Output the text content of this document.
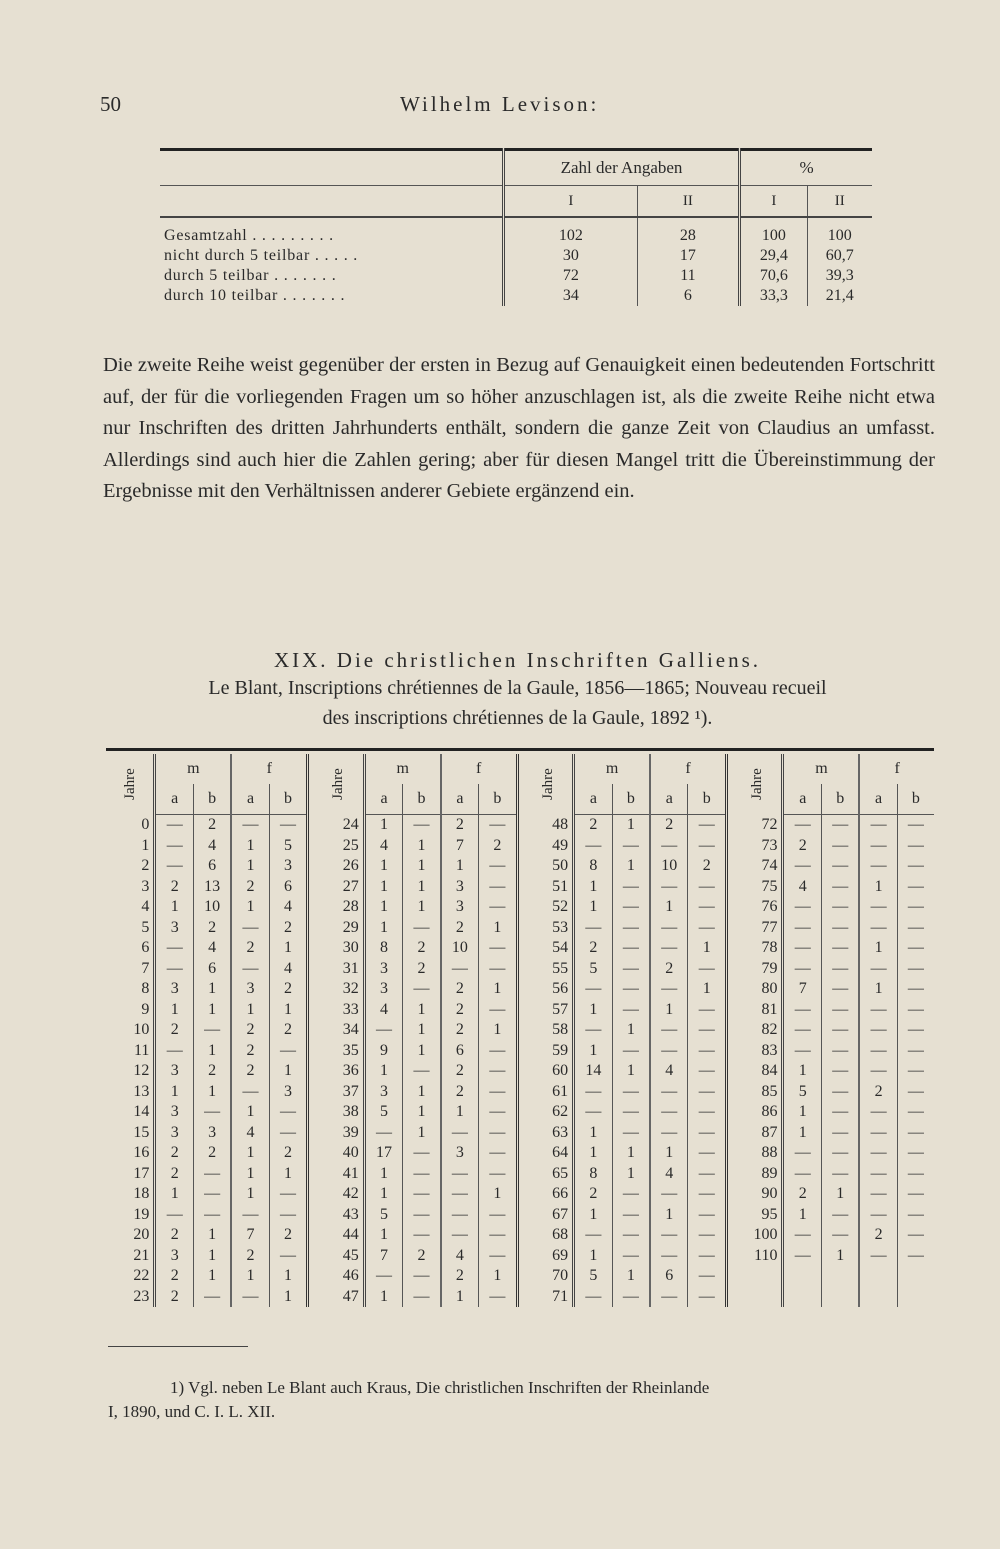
50	Wilhelm Levison:
	Zahl der Angaben		%	
	I	II	I	II
Gesamtzahl . . . . . . . . .	102	28	100	100
nicht durch 5 teilbar . . . . .	30	17	29,4	60,7
durch 5 teilbar . . . . . . .	72	11	70,6	39,3
durch 10 teilbar . . . . . . .	34	6	33,3	21,4
Die zweite Reihe weist gegenüber der ersten in Bezug auf Genauigkeit einen bedeutenden Fortschritt auf, der für die vorliegenden Fragen um so höher anzuschlagen ist, als die zweite Reihe nicht etwa nur Inschriften des dritten Jahrhunderts enthält, sondern die ganze Zeit von Claudius an umfasst. Allerdings sind auch hier die Zahlen gering; aber für diesen Mangel tritt die Übereinstimmung der Ergebnisse mit den Verhältnissen anderer Gebiete ergänzend ein.
XIX. Die christlichen Inschriften Galliens.
Le Blant, Inscriptions chrétiennes de la Gaule, 1856—1865; Nouveau recueil
des inscriptions chrétiennes de la Gaule, 1892 ¹).
Jahre	m		f		Jahre	m		f		Jahre	m		f		Jahre	m		f	
	a	b	a	b		a	b	a	b		a	b	a	b		a	b	a	b
0	—	2	—	—	24	1	—	2	—	48	2	1	2	—	72	—	—	—	—
1	—	4	1	5	25	4	1	7	2	49	—	—	—	—	73	2	—	—	—
2	—	6	1	3	26	1	1	1	—	50	8	1	10	2	74	—	—	—	—
3	2	13	2	6	27	1	1	3	—	51	1	—	—	—	75	4	—	1	—
4	1	10	1	4	28	1	1	3	—	52	1	—	1	—	76	—	—	—	—
5	3	2	—	2	29	1	—	2	1	53	—	—	—	—	77	—	—	—	—
6	—	4	2	1	30	8	2	10	—	54	2	—	—	1	78	—	—	1	—
7	—	6	—	4	31	3	2	—	—	55	5	—	2	—	79	—	—	—	—
8	3	1	3	2	32	3	—	2	1	56	—	—	—	1	80	7	—	1	—
9	1	1	1	1	33	4	1	2	—	57	1	—	1	—	81	—	—	—	—
10	2	—	2	2	34	—	1	2	1	58	—	1	—	—	82	—	—	—	—
11	—	1	2	—	35	9	1	6	—	59	1	—	—	—	83	—	—	—	—
12	3	2	2	1	36	1	—	2	—	60	14	1	4	—	84	1	—	—	—
13	1	1	—	3	37	3	1	2	—	61	—	—	—	—	85	5	—	2	—
14	3	—	1	—	38	5	1	1	—	62	—	—	—	—	86	1	—	—	—
15	3	3	4	—	39	—	1	—	—	63	1	—	—	—	87	1	—	—	—
16	2	2	1	2	40	17	—	3	—	64	1	1	1	—	88	—	—	—	—
17	2	—	1	1	41	1	—	—	—	65	8	1	4	—	89	—	—	—	—
18	1	—	1	—	42	1	—	—	1	66	2	—	—	—	90	2	1	—	—
19	—	—	—	—	43	5	—	—	—	67	1	—	1	—	95	1	—	—	—
20	2	1	7	2	44	1	—	—	—	68	—	—	—	—	100	—	—	2	—
21	3	1	2	—	45	7	2	4	—	69	1	—	—	—	110	—	1	—	—
22	2	1	1	1	46	—	—	2	1	70	5	1	6	—					
23	2	—	—	1	47	1	—	1	—	71	—	—	—	—					
1) Vgl. neben Le Blant auch Kraus, Die christlichen Inschriften der Rheinlande
I, 1890, und C. I. L. XII.
